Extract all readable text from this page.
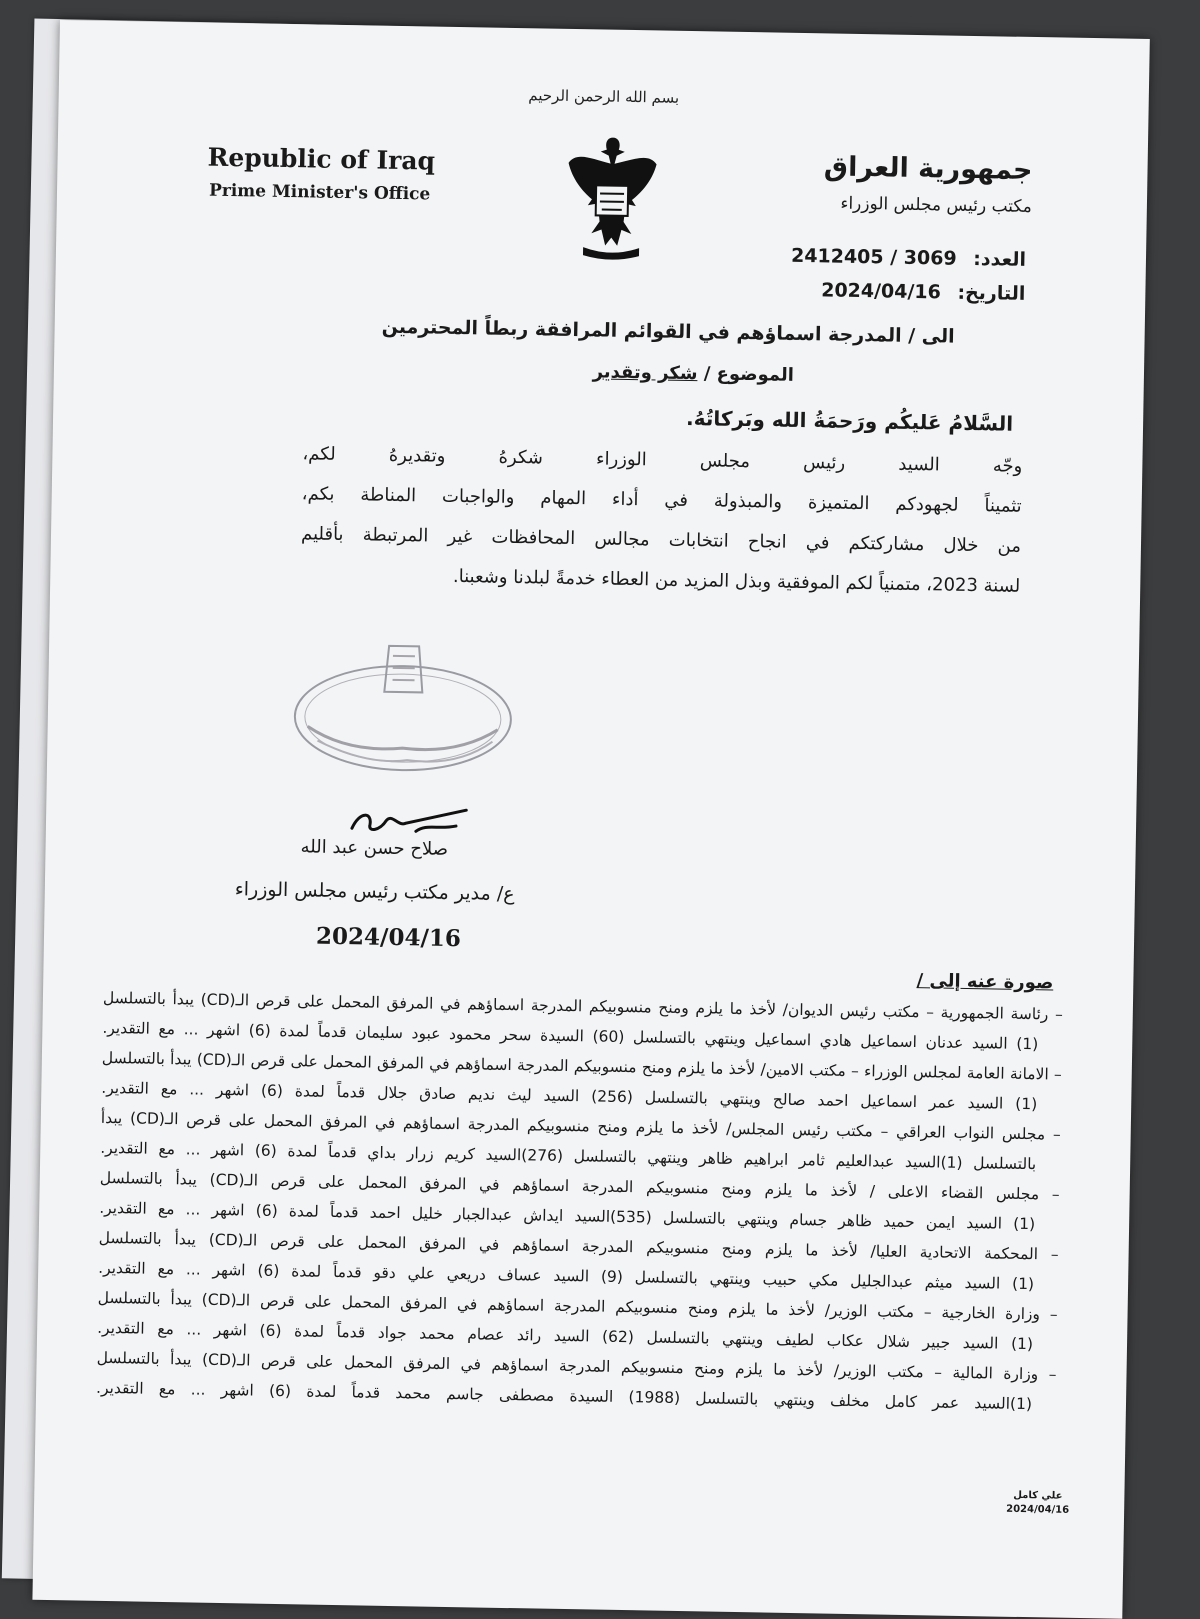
بسم الله الرحمن الرحيم
Republic of Iraq
Prime Minister's Office
جمهورية العراق
مكتب رئيس مجلس الوزراء
العدد: 2412405 / 3069
التاريخ: 2024/04/16
الى / المدرجة اسماؤهم في القوائم المرافقة ربطاً المحترمين
الموضوع / شكر وتقدير
السَّلامُ عَليكُم ورَحمَةُ الله وبَركاتُهُ.
وجّه السيد رئيس مجلس الوزراء شكرهُ وتقديرهُ لكم،
تثميناً لجهودكم المتميزة والمبذولة في أداء المهام والواجبات المناطة بكم،
من خلال مشاركتكم في انجاح انتخابات مجالس المحافظات غير المرتبطة بأقليم
لسنة 2023، متمنياً لكم الموفقية وبذل المزيد من العطاء خدمةً لبلدنا وشعبنا.
صلاح حسن عبد الله
ع/ مدير مكتب رئيس مجلس الوزراء
2024/04/16
صورة عنه إلى /
– رئاسة الجمهورية – مكتب رئيس الديوان/ لأخذ ما يلزم ومنح منسوبيكم المدرجة اسماؤهم في المرفق المحمل على قرص الـ(CD) يبدأ بالتسلسل
(1) السيد عدنان اسماعيل هادي اسماعيل وينتهي بالتسلسل (60) السيدة سحر محمود عبود سليمان قدماً لمدة (6) اشهر ... مع التقدير.
– الامانة العامة لمجلس الوزراء – مكتب الامين/ لأخذ ما يلزم ومنح منسوبيكم المدرجة اسماؤهم في المرفق المحمل على قرص الـ(CD) يبدأ بالتسلسل
(1) السيد عمر اسماعيل احمد صالح وينتهي بالتسلسل (256) السيد ليث نديم صادق جلال قدماً لمدة (6) اشهر ... مع التقدير.
– مجلس النواب العراقي – مكتب رئيس المجلس/ لأخذ ما يلزم ومنح منسوبيكم المدرجة اسماؤهم في المرفق المحمل على قرص الـ(CD) يبدأ
بالتسلسل (1)السيد عبدالعليم ثامر ابراهيم ظاهر وينتهي بالتسلسل (276)السيد كريم زرار بداي قدماً لمدة (6) اشهر ... مع التقدير.
– مجلس القضاء الاعلى / لأخذ ما يلزم ومنح منسوبيكم المدرجة اسماؤهم في المرفق المحمل على قرص الـ(CD) يبدأ بالتسلسل
(1) السيد ايمن حميد ظاهر جسام وينتهي بالتسلسل (535)السيد ايداش عبدالجبار خليل احمد قدماً لمدة (6) اشهر ... مع التقدير.
– المحكمة الاتحادية العليا/ لأخذ ما يلزم ومنح منسوبيكم المدرجة اسماؤهم في المرفق المحمل على قرص الـ(CD) يبدأ بالتسلسل
(1) السيد ميثم عبدالجليل مكي حبيب وينتهي بالتسلسل (9) السيد عساف دريعي علي دقو قدماً لمدة (6) اشهر ... مع التقدير.
– وزارة الخارجية – مكتب الوزير/ لأخذ ما يلزم ومنح منسوبيكم المدرجة اسماؤهم في المرفق المحمل على قرص الـ(CD) يبدأ بالتسلسل
(1) السيد جبير شلال عكاب لطيف وينتهي بالتسلسل (62) السيد رائد عصام محمد جواد قدماً لمدة (6) اشهر ... مع التقدير.
– وزارة المالية – مكتب الوزير/ لأخذ ما يلزم ومنح منسوبيكم المدرجة اسماؤهم في المرفق المحمل على قرص الـ(CD) يبدأ بالتسلسل
(1)السيد عمر كامل مخلف وينتهي بالتسلسل (1988) السيدة مصطفى جاسم محمد قدماً لمدة (6) اشهر ... مع التقدير.
علي كامل
2024/04/16
